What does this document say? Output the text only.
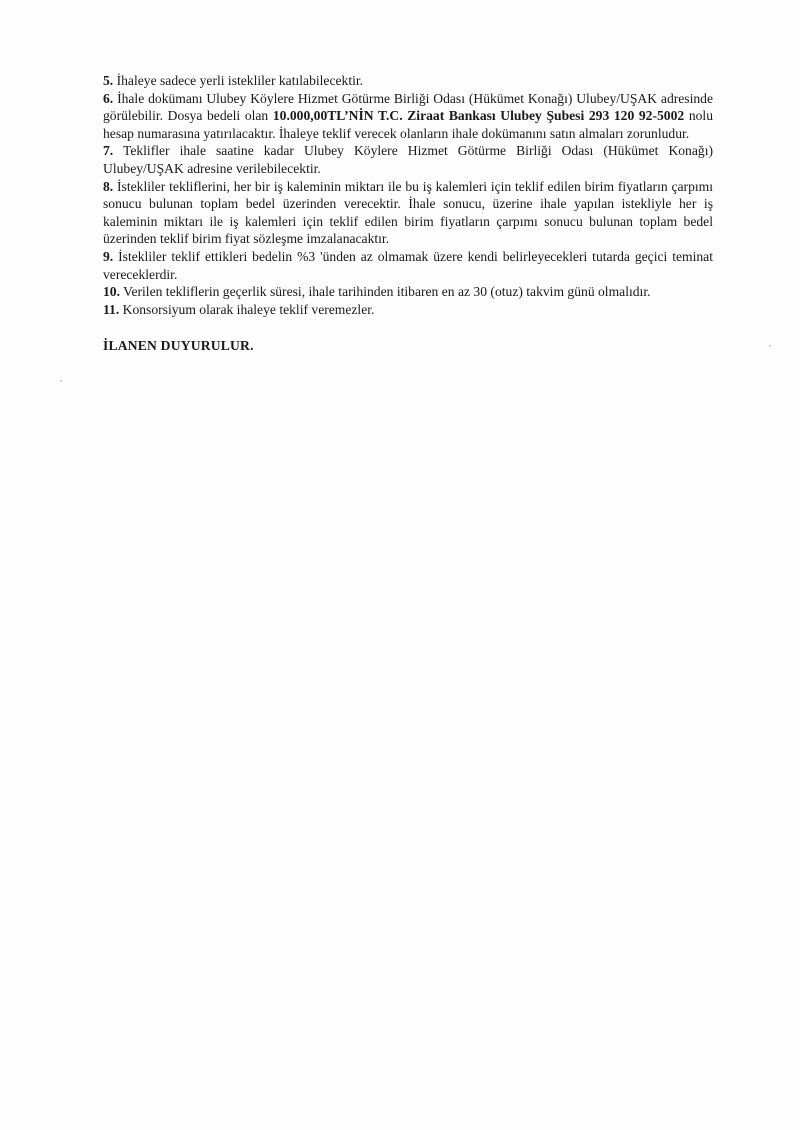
5. İhaleye sadece yerli istekliler katılabilecektir.

6. İhale dokümanı Ulubey Köylere Hizmet Götürme Birliği Odası (Hükümet Konağı) Ulubey/UŞAK adresinde görülebilir. Dosya bedeli olan 10.000,00TL’NİN T.C. Ziraat Bankası Ulubey Şubesi 293 120 92-5002 nolu hesap numarasına yatırılacaktır. İhaleye teklif verecek olanların ihale dokümanını satın almaları zorunludur.

7. Teklifler ihale saatine kadar Ulubey Köylere Hizmet Götürme Birliği Odası (Hükümet Konağı) Ulubey/UŞAK adresine verilebilecektir.

8. İstekliler tekliflerini, her bir iş kaleminin miktarı ile bu iş kalemleri için teklif edilen birim fiyatların çarpımı sonucu bulunan toplam bedel üzerinden verecektir. İhale sonucu, üzerine ihale yapılan istekliyle her iş kaleminin miktarı ile iş kalemleri için teklif edilen birim fiyatların çarpımı sonucu bulunan toplam bedel üzerinden teklif birim fiyat sözleşme imzalanacaktır.

9. İstekliler teklif ettikleri bedelin %3 'ünden az olmamak üzere kendi belirleyecekleri tutarda geçici teminat vereceklerdir.

10. Verilen tekliflerin geçerlik süresi, ihale tarihinden itibaren en az 30 (otuz) takvim günü olmalıdır.

11. Konsorsiyum olarak ihaleye teklif veremezler.

İLANEN DUYURULUR.
